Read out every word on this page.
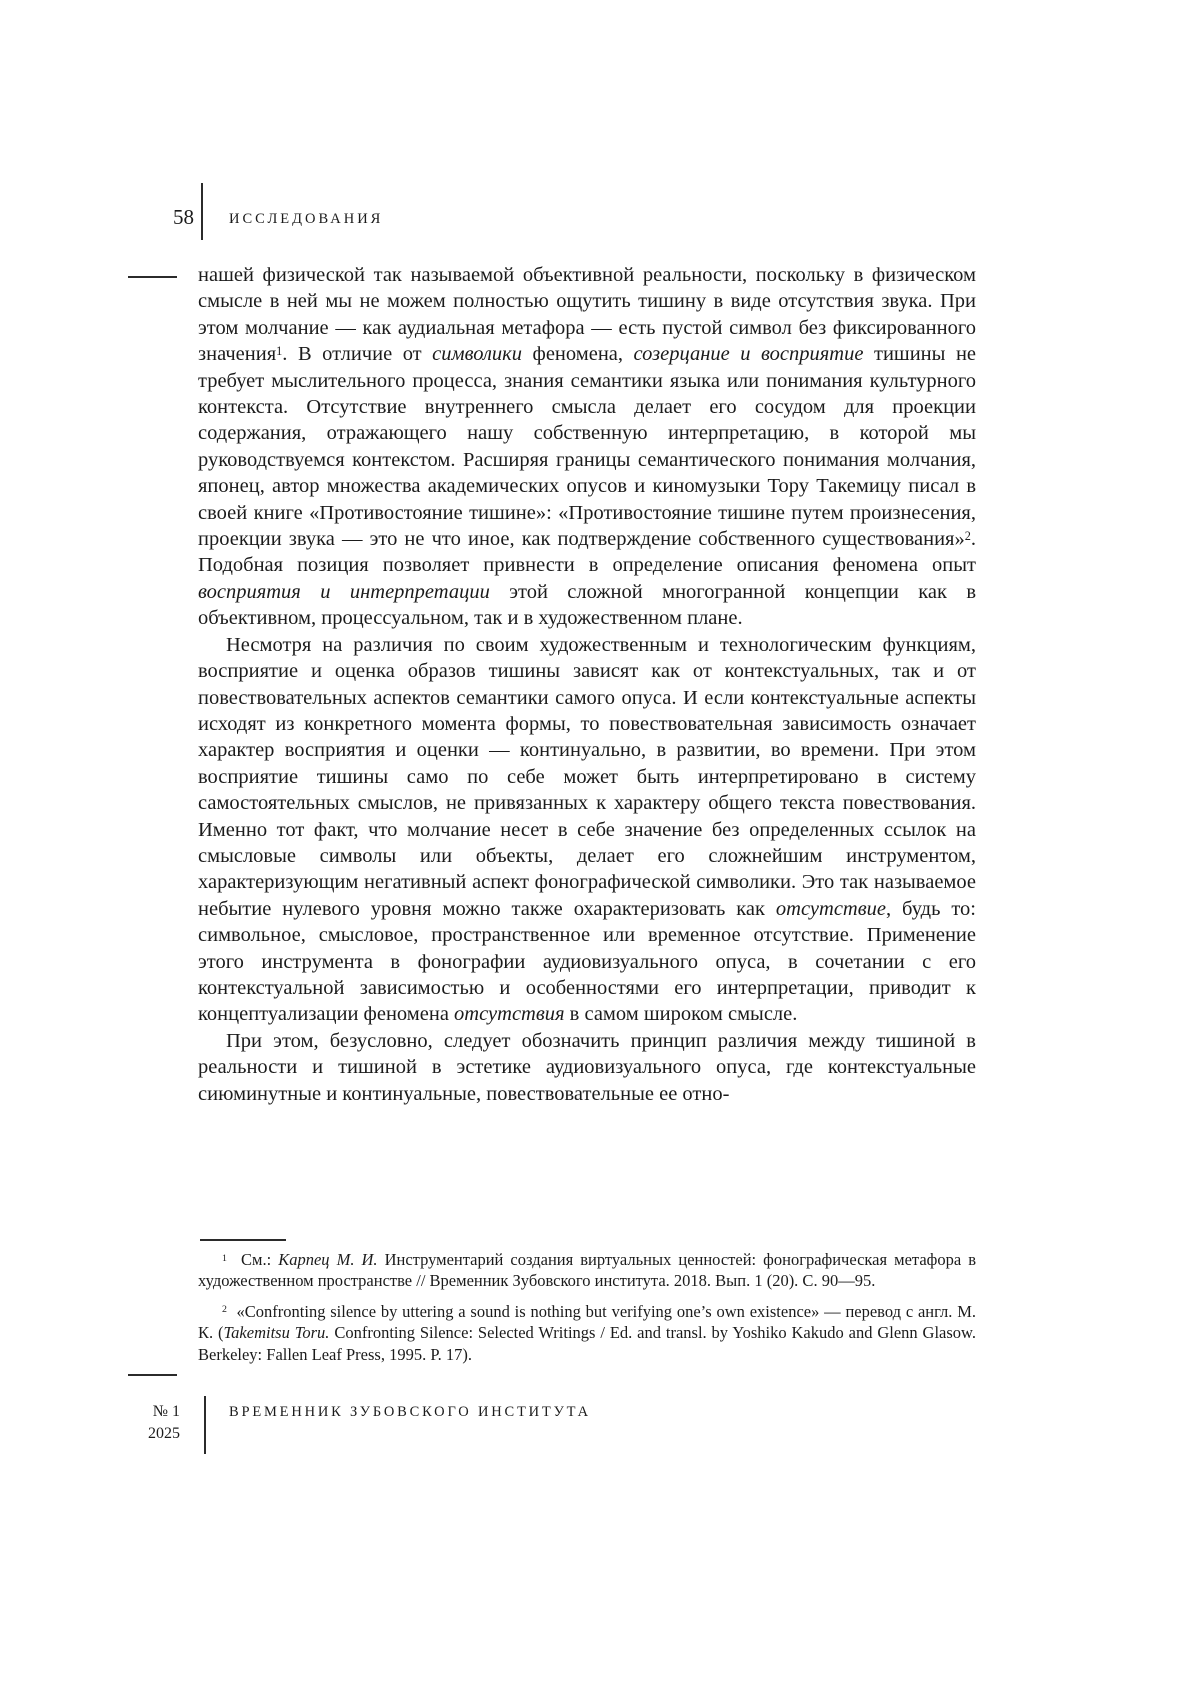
58 ИССЛЕДОВАНИЯ

нашей физической так называемой объективной реальности, поскольку в физическом смысле в ней мы не можем полностью ощутить тишину в виде отсутствия звука. При этом молчание — как аудиальная метафора — есть пустой символ без фиксированного значения$^1$. В отличие от символики феномена, созерцание и восприятие тишины не требует мыслительного процесса, знания семантики языка или понимания культурного контекста. Отсутствие внутреннего смысла делает его сосудом для проекции содержания, отражающего нашу собственную интерпретацию, в которой мы руководствуемся контекстом. Расширяя границы семантического понимания молчания, японец, автор множества академических опусов и киномузыки Тору Такемицу писал в своей книге «Противостояние тишине»: «Противостояние тишине путем произнесения, проекции звука — это не что иное, как подтверждение собственного существования»$^2$. Подобная позиция позволяет привнести в определение описания феномена опыт восприятия и интерпретации этой сложной многогранной концепции как в объективном, процессуальном, так и в художественном плане.

Несмотря на различия по своим художественным и технологическим функциям, восприятие и оценка образов тишины зависят как от контекстуальных, так и от повествовательных аспектов семантики самого опуса. И если контекстуальные аспекты исходят из конкретного момента формы, то повествовательная зависимость означает характер восприятия и оценки — континуально, в развитии, во времени. При этом восприятие тишины само по себе может быть интерпретировано в систему самостоятельных смыслов, не привязанных к характеру общего текста повествования. Именно тот факт, что молчание несет в себе значение без определенных ссылок на смысловые символы или объекты, делает его сложнейшим инструментом, характеризующим негативный аспект фонографической символики. Это так называемое небытие нулевого уровня можно также охарактеризовать как отсутствие, будь то: символьное, смысловое, пространственное или временное отсутствие. Применение этого инструмента в фонографии аудиовизуального опуса, в сочетании с его контекстуальной зависимостью и особенностями его интерпретации, приводит к концептуализации феномена отсутствия в самом широком смысле.

При этом, безусловно, следует обозначить принцип различия между тишиной в реальности и тишиной в эстетике аудиовизуального опуса, где контекстуальные сиюминутные и континуальные, повествовательные ее отно-

$^1$  См.: Карпец М. И. Инструментарий создания виртуальных ценностей: фонографическая метафора в художественном пространстве // Временник Зубовского института. 2018. Вып. 1 (20). С. 90—95.

$^2$  «Confronting silence by uttering a sound is nothing but verifying one’s own existence» — перевод с англ. М. К. (Takemitsu Toru. Confronting Silence: Selected Writings / Ed. and transl. by Yoshiko Kakudo and Glenn Glasow. Berkeley: Fallen Leaf Press, 1995. P. 17).

№ 1
2025
ВРЕМЕННИК ЗУБОВСКОГО ИНСТИТУТА
